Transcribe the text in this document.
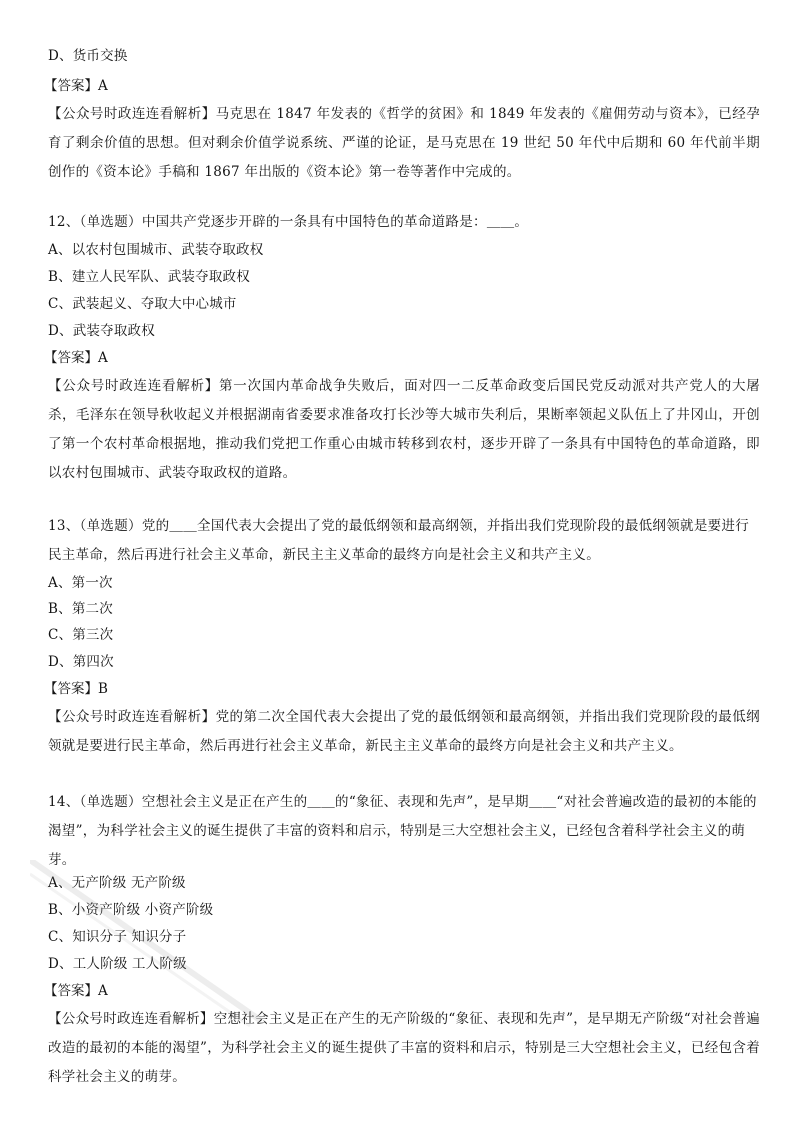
D、货币交换
【答案】A
【公众号时政连连看解析】马克思在 1847 年发表的《哲学的贫困》和 1849 年发表的《雇佣劳动与资本》，已经孕育了剩余价值的思想。但对剩余价值学说系统、严谨的论证，是马克思在 19 世纪 50 年代中后期和 60 年代前半期创作的《资本论》手稿和 1867 年出版的《资本论》第一卷等著作中完成的。
12、（单选题）中国共产党逐步开辟的一条具有中国特色的革命道路是：＿＿。
A、以农村包围城市、武装夺取政权
B、建立人民军队、武装夺取政权
C、武装起义、夺取大中心城市
D、武装夺取政权
【答案】A
【公众号时政连连看解析】第一次国内革命战争失败后，面对四一二反革命政变后国民党反动派对共产党人的大屠杀，毛泽东在领导秋收起义并根据湖南省委要求准备攻打长沙等大城市失利后，果断率领起义队伍上了井冈山，开创了第一个农村革命根据地，推动我们党把工作重心由城市转移到农村，逐步开辟了一条具有中国特色的革命道路，即以农村包围城市、武装夺取政权的道路。
13、（单选题）党的＿＿全国代表大会提出了党的最低纲领和最高纲领，并指出我们党现阶段的最低纲领就是要进行民主革命，然后再进行社会主义革命，新民主主义革命的最终方向是社会主义和共产主义。
A、第一次
B、第二次
C、第三次
D、第四次
【答案】B
【公众号时政连连看解析】党的第二次全国代表大会提出了党的最低纲领和最高纲领，并指出我们党现阶段的最低纲领就是要进行民主革命，然后再进行社会主义革命，新民主主义革命的最终方向是社会主义和共产主义。
14、（单选题）空想社会主义是正在产生的＿＿的“象征、表现和先声”，是早期＿＿“对社会普遍改造的最初的本能的渴望”，为科学社会主义的诞生提供了丰富的资料和启示，特别是三大空想社会主义，已经包含着科学社会主义的萌芽。
A、无产阶级 无产阶级
B、小资产阶级 小资产阶级
C、知识分子 知识分子
D、工人阶级 工人阶级
【答案】A
【公众号时政连连看解析】空想社会主义是正在产生的无产阶级的“象征、表现和先声”，是早期无产阶级“对社会普遍改造的最初的本能的渴望”，为科学社会主义的诞生提供了丰富的资料和启示，特别是三大空想社会主义，已经包含着科学社会主义的萌芽。
